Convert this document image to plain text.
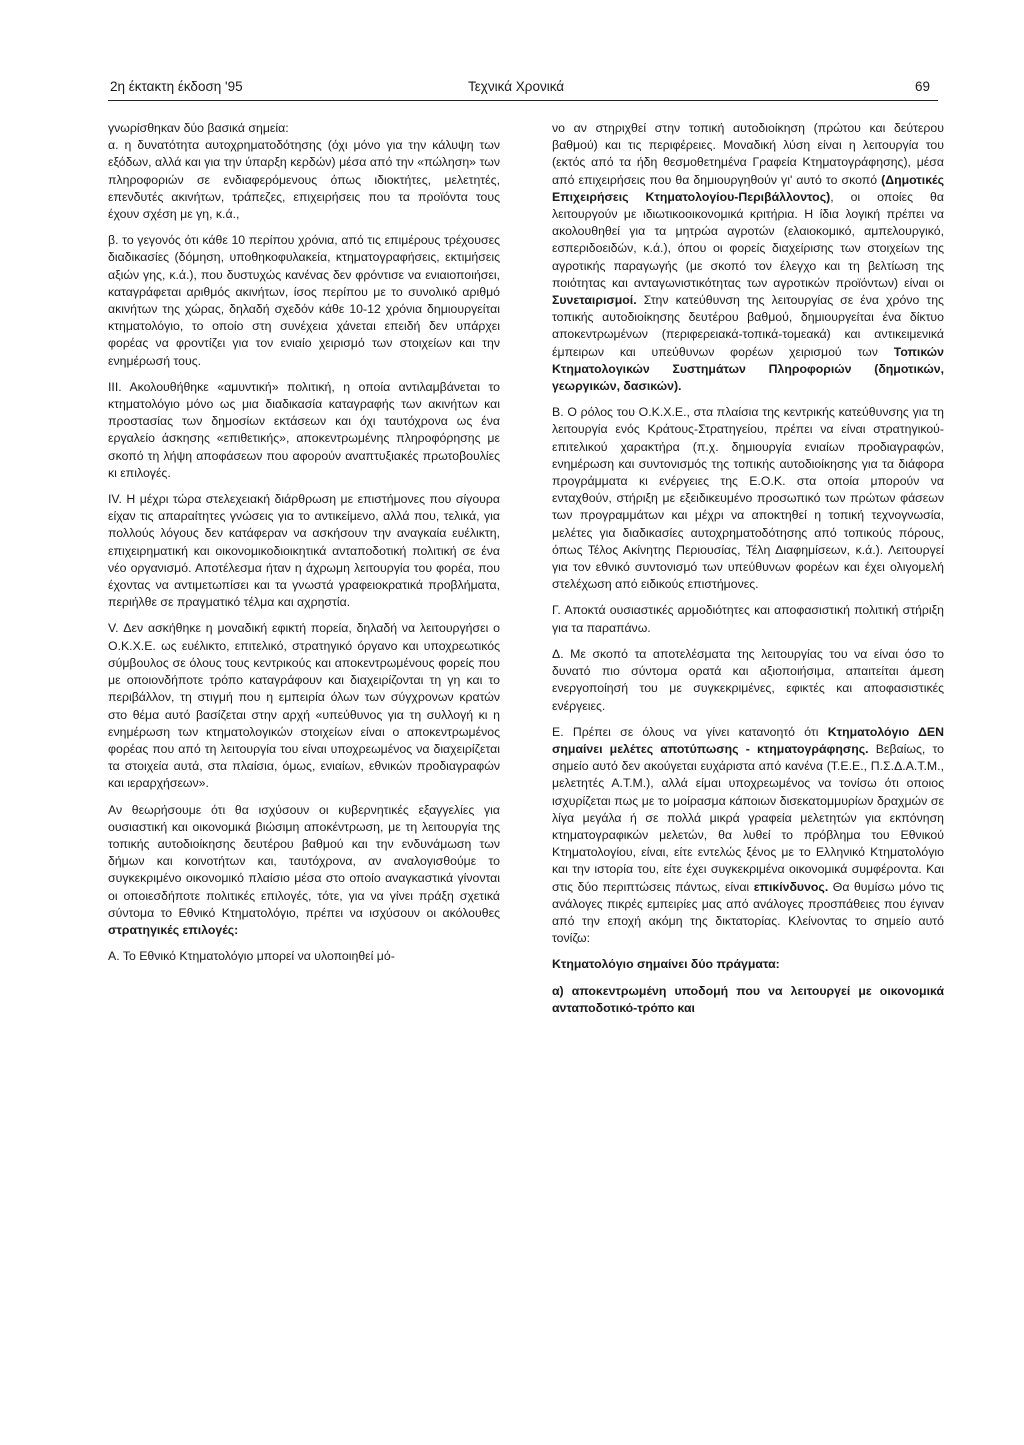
2η έκτακτη έκδοση '95	Τεχνικά Χρονικά	69

γνωρίσθηκαν δύο βασικά σημεία:

α. η δυνατότητα αυτοχρηματοδότησης (όχι μόνο για την κάλυψη των εξόδων, αλλά και για την ύπαρξη κερδών) μέσα από την «πώληση» των πληροφοριών σε ενδιαφερόμενους όπως ιδιοκτήτες, μελετητές, επενδυτές ακινήτων, τράπεζες, επιχειρήσεις που τα προϊόντα τους έχουν σχέση με γη, κ.ά.,

β. το γεγονός ότι κάθε 10 περίπου χρόνια, από τις επιμέρους τρέχουσες διαδικασίες (δόμηση, υποθηκοφυλακεία, κτηματογραφήσεις, εκτιμήσεις αξιών γης, κ.ά.), που δυστυχώς κανένας δεν φρόντισε να ενιαιοποιήσει, καταγράφεται αριθμός ακινήτων, ίσος περίπου με το συνολικό αριθμό ακινήτων της χώρας, δηλαδή σχεδόν κάθε 10-12 χρόνια δημιουργείται κτηματολόγιο, το οποίο στη συνέχεια χάνεται επειδή δεν υπάρχει φορέας να φροντίζει για τον ενιαίο χειρισμό των στοιχείων και την ενημέρωσή τους.

ΙΙΙ. Ακολουθήθηκε «αμυντική» πολιτική, η οποία αντιλαμβάνεται το κτηματολόγιο μόνο ως μια διαδικασία καταγραφής των ακινήτων και προστασίας των δημοσίων εκτάσεων και όχι ταυτόχρονα ως ένα εργαλείο άσκησης «επιθετικής», αποκεντρωμένης πληροφόρησης με σκοπό τη λήψη αποφάσεων που αφορούν αναπτυξιακές πρωτοβουλίες κι επιλογές.

ΙV. Η μέχρι τώρα στελεχειακή διάρθρωση με επιστήμονες που σίγουρα είχαν τις απαραίτητες γνώσεις για το αντικείμενο, αλλά που, τελικά, για πολλούς λόγους δεν κατάφεραν να ασκήσουν την αναγκαία ευέλικτη, επιχειρηματική και οικονομικοδιοικητικά ανταποδοτική πολιτική σε ένα νέο οργανισμό. Αποτέλεσμα ήταν η άχρωμη λειτουργία του φορέα, που έχοντας να αντιμετωπίσει και τα γνωστά γραφειοκρατικά προβλήματα, περιήλθε σε πραγματικό τέλμα και αχρηστία.

V. Δεν ασκήθηκε η μοναδική εφικτή πορεία, δηλαδή να λειτουργήσει ο Ο.Κ.Χ.Ε. ως ευέλικτο, επιτελικό, στρατηγικό όργανο και υποχρεωτικός σύμβουλος σε όλους τους κεντρικούς και αποκεντρωμένους φορείς που με οποιονδήποτε τρόπο καταγράφουν και διαχειρίζονται τη γη και το περιβάλλον, τη στιγμή που η εμπειρία όλων των σύγχρονων κρατών στο θέμα αυτό βασίζεται στην αρχή «υπεύθυνος για τη συλλογή κι η ενημέρωση των κτηματολογικών στοιχείων είναι ο αποκεντρωμένος φορέας που από τη λειτουργία του είναι υποχρεωμένος να διαχειρίζεται τα στοιχεία αυτά, στα πλαίσια, όμως, ενιαίων, εθνικών προδιαγραφών και ιεραρχήσεων».

Αν θεωρήσουμε ότι θα ισχύσουν οι κυβερνητικές εξαγγελίες για ουσιαστική και οικονομικά βιώσιμη αποκέντρωση, με τη λειτουργία της τοπικής αυτοδιοίκησης δευτέρου βαθμού και την ενδυνάμωση των δήμων και κοινοτήτων και, ταυτόχρονα, αν αναλογισθούμε το συγκεκριμένο οικονομικό πλαίσιο μέσα στο οποίο αναγκαστικά γίνονται οι οποιεσδήποτε πολιτικές επιλογές, τότε, για να γίνει πράξη σχετικά σύντομα το Εθνικό Κτηματολόγιο, πρέπει να ισχύσουν οι ακόλουθες στρατηγικές επιλογές:

Α. Το Εθνικό Κτηματολόγιο μπορεί να υλοποιηθεί μό-

νο αν στηριχθεί στην τοπική αυτοδιοίκηση (πρώτου και δεύτερου βαθμού) και τις περιφέρειες. Μοναδική λύση είναι η λειτουργία του (εκτός από τα ήδη θεσμοθετημένα Γραφεία Κτηματογράφησης), μέσα από επιχειρήσεις που θα δημιουργηθούν γι' αυτό το σκοπό (Δημοτικές Επιχειρήσεις Κτηματολογίου-Περιβάλλοντος), οι οποίες θα λειτουργούν με ιδιωτικοοικονομικά κριτήρια. Η ίδια λογική πρέπει να ακολουθηθεί για τα μητρώα αγροτών (ελαιοκομικό, αμπελουργικό, εσπεριδοειδών, κ.ά.), όπου οι φορείς διαχείρισης των στοιχείων της αγροτικής παραγωγής (με σκοπό τον έλεγχο και τη βελτίωση της ποιότητας και ανταγωνιστικότητας των αγροτικών προϊόντων) είναι οι Συνεταιρισμοί. Στην κατεύθυνση της λειτουργίας σε ένα χρόνο της τοπικής αυτοδιοίκησης δευτέρου βαθμού, δημιουργείται ένα δίκτυο αποκεντρωμένων (περιφερειακά-τοπικά-τομεακά) και αντικειμενικά έμπειρων και υπεύθυνων φορέων χειρισμού των Τοπικών Κτηματολογικών Συστημάτων Πληροφοριών (δημοτικών, γεωργικών, δασικών).

Β. Ο ρόλος του Ο.Κ.Χ.Ε., στα πλαίσια της κεντρικής κατεύθυνσης για τη λειτουργία ενός Κράτους-Στρατηγείου, πρέπει να είναι στρατηγικού-επιτελικού χαρακτήρα (π.χ. δημιουργία ενιαίων προδιαγραφών, ενημέρωση και συντονισμός της τοπικής αυτοδιοίκησης για τα διάφορα προγράμματα κι ενέργειες της Ε.Ο.Κ. στα οποία μπορούν να ενταχθούν, στήριξη με εξειδικευμένο προσωπικό των πρώτων φάσεων των προγραμμάτων και μέχρι να αποκτηθεί η τοπική τεχνογνωσία, μελέτες για διαδικασίες αυτοχρηματοδότησης από τοπικούς πόρους, όπως Τέλος Ακίνητης Περιουσίας, Τέλη Διαφημίσεων, κ.ά.). Λειτουργεί για τον εθνικό συντονισμό των υπεύθυνων φορέων και έχει ολιγομελή στελέχωση από ειδικούς επιστήμονες.

Γ. Αποκτά ουσιαστικές αρμοδιότητες και αποφασιστική πολιτική στήριξη για τα παραπάνω.

Δ. Με σκοπό τα αποτελέσματα της λειτουργίας του να είναι όσο το δυνατό πιο σύντομα ορατά και αξιοποιήσιμα, απαιτείται άμεση ενεργοποίησή του με συγκεκριμένες, εφικτές και αποφασιστικές ενέργειες.

Ε. Πρέπει σε όλους να γίνει κατανοητό ότι Κτηματολόγιο ΔΕΝ σημαίνει μελέτες αποτύπωσης - κτηματογράφησης. Βεβαίως, το σημείο αυτό δεν ακούγεται ευχάριστα από κανένα (Τ.Ε.Ε., Π.Σ.Δ.Α.Τ.Μ., μελετητές Α.Τ.Μ.), αλλά είμαι υποχρεωμένος να τονίσω ότι οποιος ισχυρίζεται πως με το μοίρασμα κάποιων δισεκατομμυρίων δραχμών σε λίγα μεγάλα ή σε πολλά μικρά γραφεία μελετητών για εκπόνηση κτηματογραφικών μελετών, θα λυθεί το πρόβλημα του Εθνικού Κτηματολογίου, είναι, είτε εντελώς ξένος με το Ελληνικό Κτηματολόγιο και την ιστορία του, είτε έχει συγκεκριμένα οικονομικά συμφέροντα. Και στις δύο περιπτώσεις πάντως, είναι επικίνδυνος. Θα θυμίσω μόνο τις ανάλογες πικρές εμπειρίες μας από ανάλογες προσπάθειες που έγιναν από την εποχή ακόμη της δικτατορίας. Κλείνοντας το σημείο αυτό τονίζω:

Κτηματολόγιο σημαίνει δύο πράγματα:

α) αποκεντρωμένη υποδομή που να λειτουργεί με οικονομικά ανταποδοτικό-τρόπο και
